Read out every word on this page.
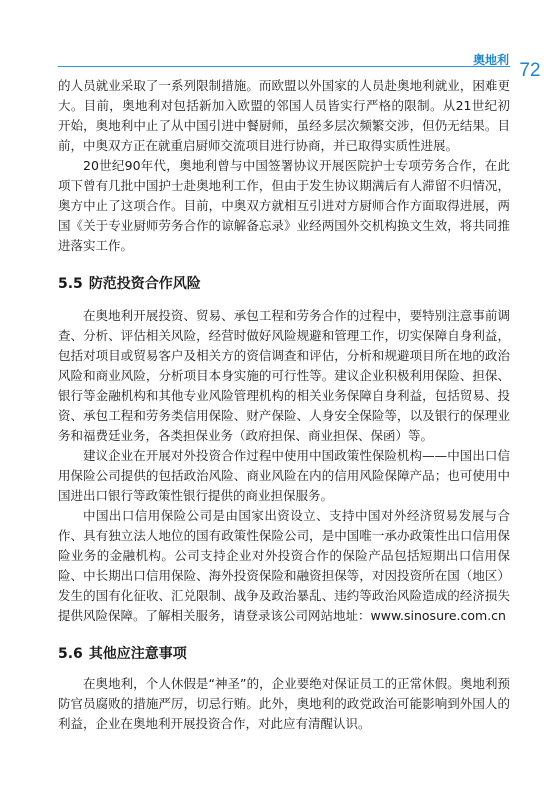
奥地利 72

的人员就业采取了一系列限制措施。而欧盟以外国家的人员赴奥地利就业，困难更大。目前，奥地利对包括新加入欧盟的邻国人员皆实行严格的限制。从21世纪初开始，奥地利中止了从中国引进中餐厨师，虽经多层次频繁交涉，但仍无结果。目前，中奥双方正在就重启厨师交流项目进行协商，并已取得实质性进展。

20世纪90年代，奥地利曾与中国签署协议开展医院护士专项劳务合作，在此项下曾有几批中国护士赴奥地利工作，但由于发生协议期满后有人滞留不归情况，奥方中止了这项合作。目前，中奥双方就相互引进对方厨师合作方面取得进展，两国《关于专业厨师劳务合作的谅解备忘录》业经两国外交机构换文生效，将共同推进落实工作。

5.5 防范投资合作风险

在奥地利开展投资、贸易、承包工程和劳务合作的过程中，要特别注意事前调查、分析、评估相关风险，经营时做好风险规避和管理工作，切实保障自身利益，包括对项目或贸易客户及相关方的资信调查和评估，分析和规避项目所在地的政治风险和商业风险，分析项目本身实施的可行性等。建议企业积极利用保险、担保、银行等金融机构和其他专业风险管理机构的相关业务保障自身利益，包括贸易、投资、承包工程和劳务类信用保险、财产保险、人身安全保险等，以及银行的保理业务和福费廷业务，各类担保业务（政府担保、商业担保、保函）等。

建议企业在开展对外投资合作过程中使用中国政策性保险机构——中国出口信用保险公司提供的包括政治风险、商业风险在内的信用风险保障产品；也可使用中国进出口银行等政策性银行提供的商业担保服务。

中国出口信用保险公司是由国家出资设立、支持中国对外经济贸易发展与合作、具有独立法人地位的国有政策性保险公司，是中国唯一承办政策性出口信用保险业务的金融机构。公司支持企业对外投资合作的保险产品包括短期出口信用保险、中长期出口信用保险、海外投资保险和融资担保等，对因投资所在国（地区）发生的国有化征收、汇兑限制、战争及政治暴乱、违约等政治风险造成的经济损失提供风险保障。了解相关服务，请登录该公司网站地址：www.sinosure.com.cn

5.6 其他应注意事项

在奥地利，个人休假是“神圣”的，企业要绝对保证员工的正常休假。奥地利预防官员腐败的措施严厉，切忌行贿。此外，奥地利的政党政治可能影响到外国人的利益，企业在奥地利开展投资合作，对此应有清醒认识。
